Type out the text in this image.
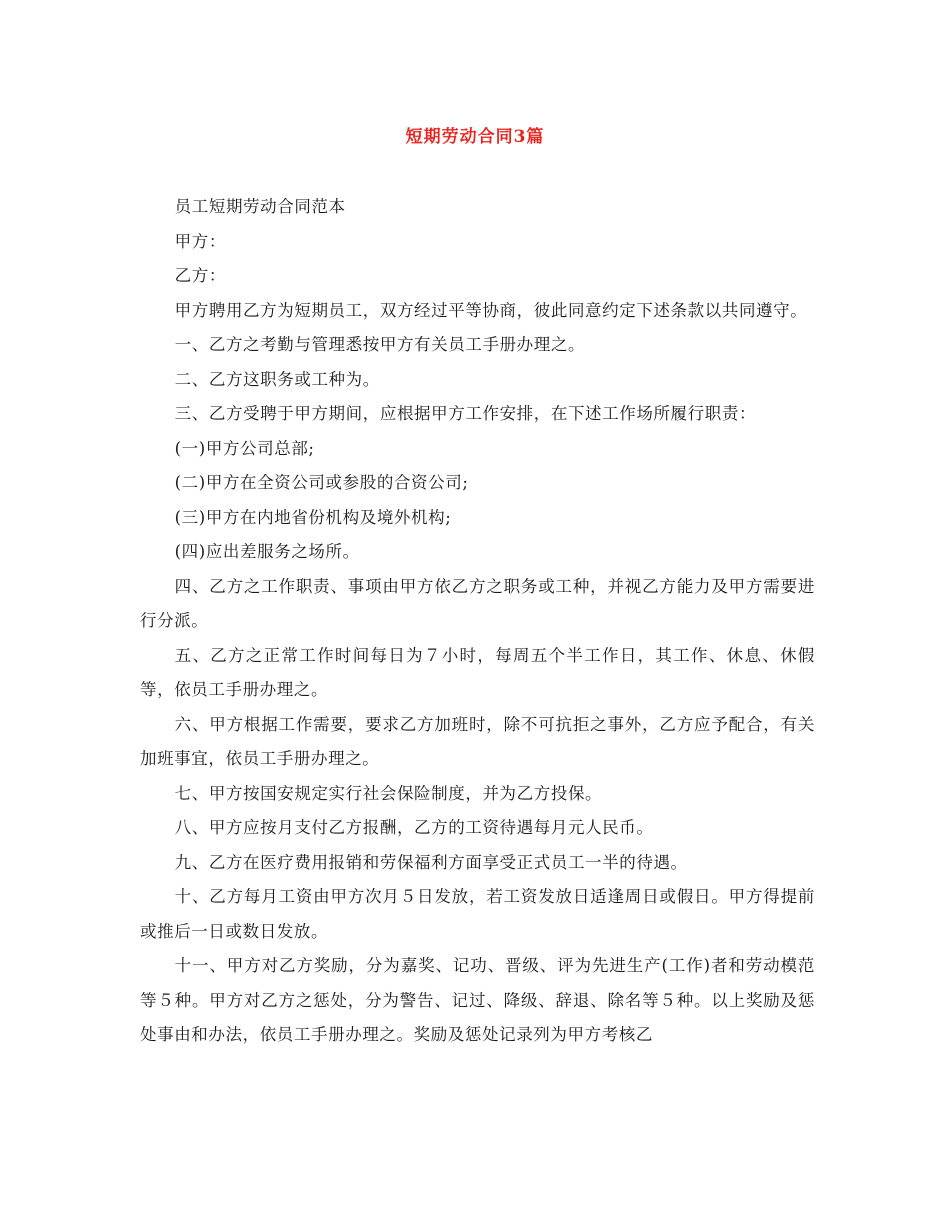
短期劳动合同3篇

员工短期劳动合同范本

甲方：

乙方：

甲方聘用乙方为短期员工，双方经过平等协商，彼此同意约定下述条款以共同遵守。

一、乙方之考勤与管理悉按甲方有关员工手册办理之。

二、乙方这职务或工种为。

三、乙方受聘于甲方期间，应根据甲方工作安排，在下述工作场所履行职责：

(一)甲方公司总部;

(二)甲方在全资公司或参股的合资公司;

(三)甲方在内地省份机构及境外机构;

(四)应出差服务之场所。

四、乙方之工作职责、事项由甲方依乙方之职务或工种，并视乙方能力及甲方需要进行分派。

五、乙方之正常工作时间每日为７小时，每周五个半工作日，其工作、休息、休假等，依员工手册办理之。

六、甲方根据工作需要，要求乙方加班时，除不可抗拒之事外，乙方应予配合，有关加班事宜，依员工手册办理之。

七、甲方按国安规定实行社会保险制度，并为乙方投保。

八、甲方应按月支付乙方报酬，乙方的工资待遇每月元人民币。

九、乙方在医疗费用报销和劳保福利方面享受正式员工一半的待遇。

十、乙方每月工资由甲方次月５日发放，若工资发放日适逢周日或假日。甲方得提前或推后一日或数日发放。

十一、甲方对乙方奖励，分为嘉奖、记功、晋级、评为先进生产(工作)者和劳动模范等５种。甲方对乙方之惩处，分为警告、记过、降级、辞退、除名等５种。以上奖励及惩处事由和办法，依员工手册办理之。奖励及惩处记录列为甲方考核乙
